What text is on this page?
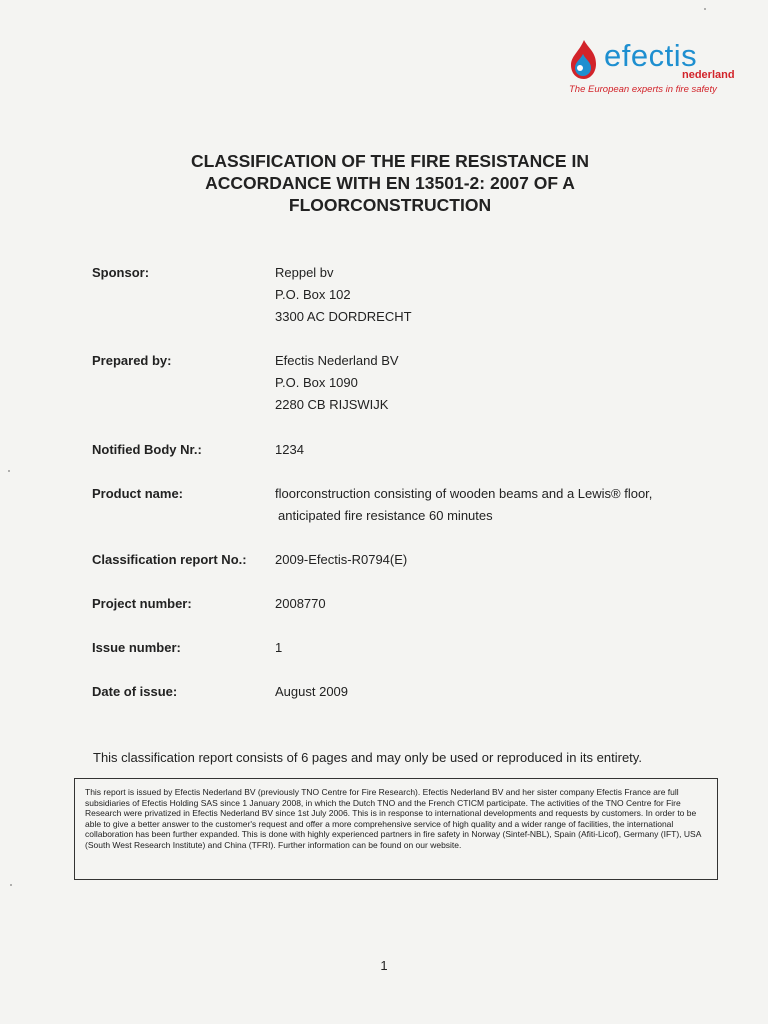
efectis
nederland
The European experts in fire safety
CLASSIFICATION OF THE FIRE RESISTANCE IN
ACCORDANCE WITH EN 13501-2: 2007 OF A
FLOORCONSTRUCTION
Sponsor:	Reppel bv
P.O. Box 102
3300 AC DORDRECHT
Prepared by:	Efectis Nederland BV
P.O. Box 1090
2280 CB RIJSWIJK
Notified Body Nr.:	1234
Product name:	floorconstruction consisting of wooden beams and a Lewis® floor,
anticipated fire resistance 60 minutes
Classification report No.: 2009-Efectis-R0794(E)
Project number:	2008770
Issue number:	1
Date of issue:	August 2009
This classification report consists of 6 pages and may only be used or reproduced in its entirety.
This report is issued by Efectis Nederland BV (previously TNO Centre for Fire Research). Efectis Nederland BV and her sister company Efectis France are full subsidiaries of Efectis Holding SAS since 1 January 2008, in which the Dutch TNO and the French CTICM participate. The activities of the TNO Centre for Fire Research were privatized in Efectis Nederland BV since 1st July 2006. This is in response to international developments and requests by customers. In order to be able to give a better answer to the customer's request and offer a more comprehensive service of high quality and a wider range of facilities, the international collaboration has been further expanded. This is done with highly experienced partners in fire safety in Norway (Sintef-NBL), Spain (Afiti-Licof), Germany (IFT), USA (South West Research Institute) and China (TFRI). Further information can be found on our website.
1
